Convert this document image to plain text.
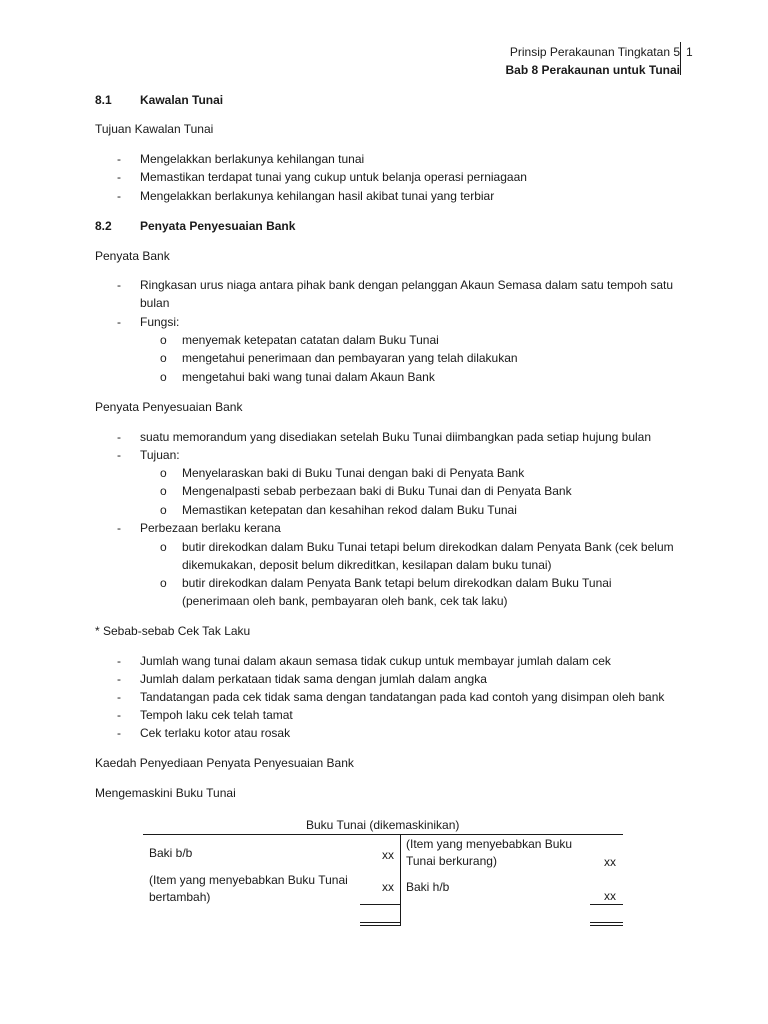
Prinsip Perakaunan Tingkatan 5
Bab 8 Perakaunan untuk Tunai
1
8.1 Kawalan Tunai
Tujuan Kawalan Tunai
- Mengelakkan berlakunya kehilangan tunai
- Memastikan terdapat tunai yang cukup untuk belanja operasi perniagaan
- Mengelakkan berlakunya kehilangan hasil akibat tunai yang terbiar
8.2 Penyata Penyesuaian Bank
Penyata Bank
- Ringkasan urus niaga antara pihak bank dengan pelanggan Akaun Semasa dalam satu tempoh satu
bulan
- Fungsi:
o menyemak ketepatan catatan dalam Buku Tunai
o mengetahui penerimaan dan pembayaran yang telah dilakukan
o mengetahui baki wang tunai dalam Akaun Bank
Penyata Penyesuaian Bank
- suatu memorandum yang disediakan setelah Buku Tunai diimbangkan pada setiap hujung bulan
- Tujuan:
o Menyelaraskan baki di Buku Tunai dengan baki di Penyata Bank
o Mengenalpasti sebab perbezaan baki di Buku Tunai dan di Penyata Bank
o Memastikan ketepatan dan kesahihan rekod dalam Buku Tunai
- Perbezaan berlaku kerana
o butir direkodkan dalam Buku Tunai tetapi belum direkodkan dalam Penyata Bank (cek belum
dikemukakan, deposit belum dikreditkan, kesilapan dalam buku tunai)
o butir direkodkan dalam Penyata Bank tetapi belum direkodkan dalam Buku Tunai
(penerimaan oleh bank, pembayaran oleh bank, cek tak laku)
* Sebab-sebab Cek Tak Laku
- Jumlah wang tunai dalam akaun semasa tidak cukup untuk membayar jumlah dalam cek
- Jumlah dalam perkataan tidak sama dengan jumlah dalam angka
- Tandatangan pada cek tidak sama dengan tandatangan pada kad contoh yang disimpan oleh bank
- Tempoh laku cek telah tamat
- Cek terlaku kotor atau rosak
Kaedah Penyediaan Penyata Penyesuaian Bank
Mengemaskini Buku Tunai
Buku Tunai (dikemaskinikan)
Baki b/b	xx
(Item yang menyebabkan Buku Tunai
bertambah)
xx
(Item yang menyebabkan Buku
Tunai berkurang)	xx
Baki h/b
xx
